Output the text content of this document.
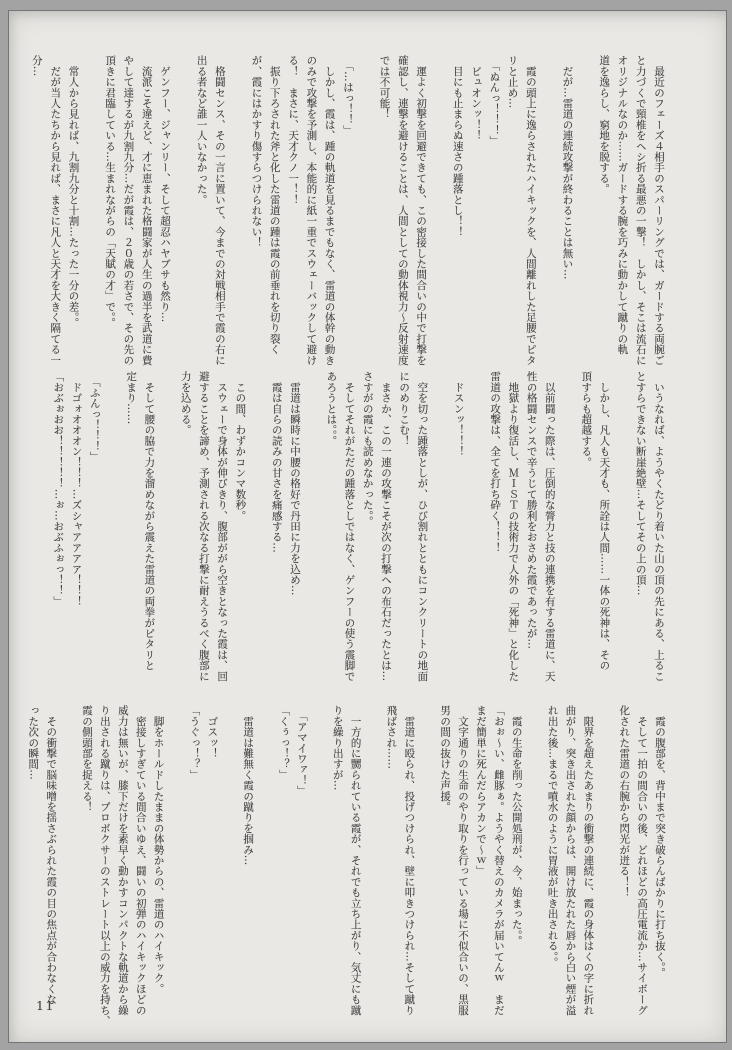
　最近のフェーズ４相手のスパーリングでは、ガードする両腕ご
と力づくで頸椎をヘシ折る最悪の一撃！　しかし、そこは流石に
オリジナルなのか……ガードする腕を巧みに動かして蹴りの軌
道を逸らし、窮地を脱する。

　だが…雷道の連続攻撃が終わることは無い…

　霞の頭上に逸らされたハイキックを、人間離れした足腰でピタ
リと止め…
　「ぬんっ！！！」
　ビュオンッ！！
　目にも止まらぬ速さの踵落とし！！

　運よく初撃を回避できても、この密接した間合いの中で打撃を
確認し、連撃を避けることは、人間としての動体視力～反射速度
では不可能！

　「…はっ！！」
　しかし、霞は、踵の軌道を見るまでもなく、雷道の体幹の動き
のみで攻撃を予測し、本能的に紙一重でスウェーバックして避け
る！　まさに、天才クノ一！！
　振り下ろされた斧と化した雷道の踵は霞の前垂れを切り裂く
が、霞にはかすり傷すらつけられない！

　格闘センス、その一言に置いて、今までの対戦相手で霞の右に
出る者など誰一人いなかった。

　ゲンフー、ジャンリー、そして超忍ハヤブサも然り…
　流派こそ違えど、才に恵まれた格闘家が人生の過半を武道に費
やして達するが九割九分…だが霞は、２０歳の若さで、その先の
頂きに君臨している…生まれながらの「天賦の才」で。。

　常人から見れば、九割九分と十割…たった一分の差。。
　だが当人たちから見れば、まさに凡人と天才を大きく隔てる一
分…
　いうなれば、ようやくたどり着いた山の頂の先にある、上るこ
とすらできない断崖絶壁…そしてその上の頂…

　しかし、凡人も天才も、所詮は人間……一体の死神は、その
頂すらも超越する。

　以前闘った際は、圧倒的な膂力と技の連携を有する雷道に、天
性の格闘センスで辛うじて勝利をおさめた霞であったが…
　地獄より復活し、ＭＩＳＴの技術力で人外の「死神」と化した
雷道の攻撃は、全てを打ち砕く！！！

　ドスンッ！！！

　空を切った踵落としが、ひび割れとともにコンクリートの地面
にのめりこむ！
　まさか、この一連の攻撃こそが次の打撃への布石だったとは…
さすがの霞にも読めなかった。。
　そしてそれがただの踵落としではなく、ゲンフーの使う震脚で
あろうとは。。。

　雷道は瞬時に中腰の格好で丹田に力を込め…
　霞は自らの読みの甘さを痛感する…

　この間、わずかコンマ数秒。
　スウェーで身体が伸びきり、腹部ががら空きとなった霞は、回
避することを諦め、予測される次なる打撃に耐えうるべく腹部に
力を込める。

　そして腰の脇で力を溜めながら震えた雷道の両拳がピタリと
定まり……

　「ふんっ！！！」
　ドゴォオオオン！！！…ズシャアアアア！！！
「おぶぉおお！！！！！…ぉ…おぶふぉっ！！」
　霞の腹部を、背中まで突き破らんばかりに打ち抜く。。
　そして一拍の間合いの後、どれほどの高圧電流か…サイボーグ
化された雷道の右腕から閃光が迸る！！

　限界を超えたあまりの衝撃の連続に、霞の身体はくの字に折れ
曲がり、突き出された顔からは、開け放たれた唇から白い煙が溢
れ出た後…まるで噴水のように胃液が吐き出される。。

　霞の生命を削った公開処刑が、今、始まった。。
「おぉ～い、雌豚ぁ。ようやく替えのカメラが届いてんｗ　まだ
まだ簡単に死んだらアカンで～ｗ」
　文字通りの生命のやり取りを行っている場に不似合いの、黒服
男の間の抜けた声援。

　雷道に殴られ、投げつけられ、壁に叩きつけられ…そして蹴り
飛ばされ……

　一方的に嬲られている霞が、それでも立ち上がり、気丈にも蹴
りを繰り出すが…

　「アマイワァ！」
「くぅっ！？」

　雷道は難無く霞の蹴りを掴み…

　ゴスッ！
「うぐっ！？」

　脚をホールドしたままの体勢からの、雷道のハイキック。
　密接しすぎている間合いゆえ、闘いの初弾のハイキックほどの
威力は無いが、膝下だけを素早く動かすコンパクトな軌道から繰
り出される蹴りは、プロボクサーのストレート以上の威力を持ち、
霞の側頭部を捉える！

　その衝撃で脳味噌を揺さぶられた霞の目の焦点が合わなくな
った次の瞬間…
11
